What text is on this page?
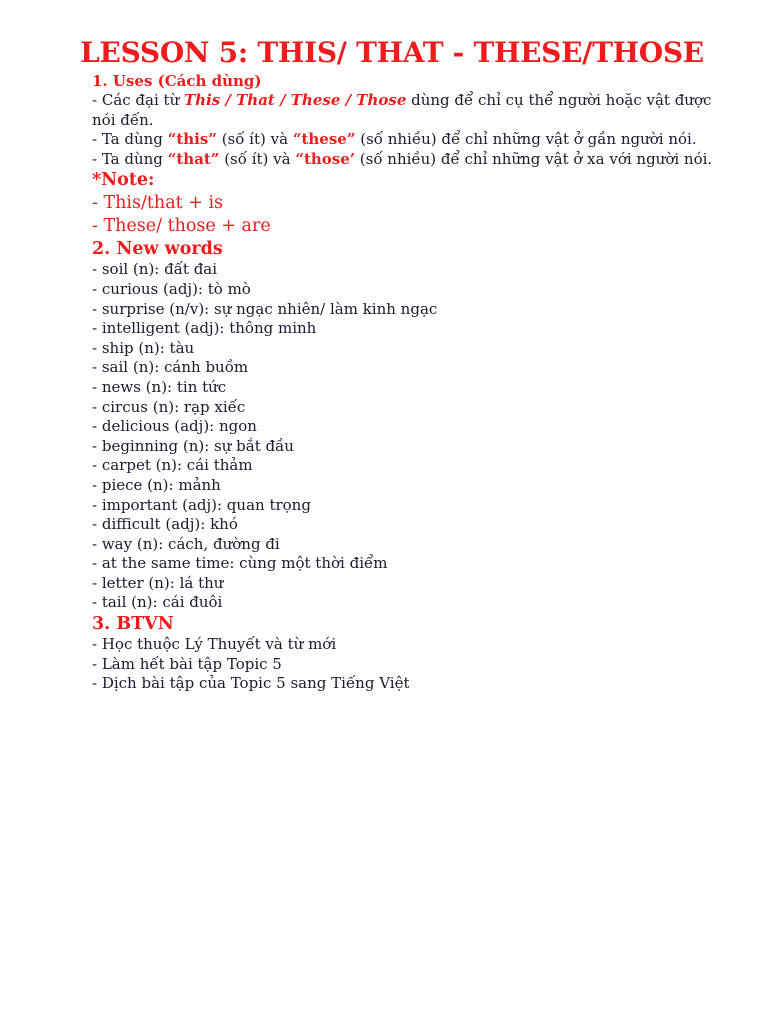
LESSON 5: THIS/ THAT - THESE/THOSE
1. Uses (Cách dùng)
- Các đại từ This / That / These / Those dùng để chỉ cụ thể người hoặc vật được nói đến.
- Ta dùng “this” (số ít) và “these” (số nhiều) để chỉ những vật ở gần người nói.
- Ta dùng “that” (số ít) và “those’ (số nhiều) để chỉ những vật ở xa với người nói.
*Note:
- This/that + is
- These/ those + are
2. New words
- soil (n): đất đai
- curious (adj): tò mò
- surprise (n/v): sự ngạc nhiên/ làm kinh ngạc
- intelligent (adj): thông minh
- ship (n): tàu
- sail (n): cánh buồm
- news (n): tin tức
- circus (n): rạp xiếc
- delicious (adj): ngon
- beginning (n): sự bắt đầu
- carpet (n): cái thảm
- piece (n): mảnh
- important (adj): quan trọng
- difficult (adj): khó
- way (n): cách, đường đi
- at the same time: cùng một thời điểm
- letter (n): lá thư
- tail (n): cái đuôi
3. BTVN
- Học thuộc Lý Thuyết và từ mới
- Làm hết bài tập Topic 5
- Dịch bài tập của Topic 5 sang Tiếng Việt
